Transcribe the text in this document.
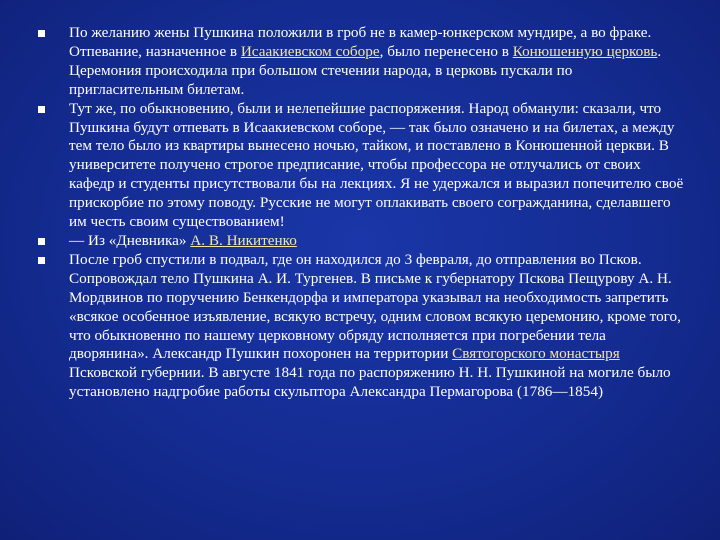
По желанию жены Пушкина положили в гроб не в камер-юнкерском мундире, а во фраке. Отпевание, назначенное в Исаакиевском соборе, было перенесено в Конюшенную церковь. Церемония происходила при большом стечении народа, в церковь пускали по пригласительным билетам.
Тут же, по обыкновению, были и нелепейшие распоряжения. Народ обманули: сказали, что Пушкина будут отпевать в Исаакиевском соборе, — так было означено и на билетах, а между тем тело было из квартиры вынесено ночью, тайком, и поставлено в Конюшенной церкви. В университете получено строгое предписание, чтобы профессора не отлучались от своих кафедр и студенты присутствовали бы на лекциях. Я не удержался и выразил попечителю своё прискорбие по этому поводу. Русские не могут оплакивать своего согражданина, сделавшего им честь своим существованием!
— Из «Дневника» А. В. Никитенко
После гроб спустили в подвал, где он находился до 3 февраля, до отправления во Псков. Сопровождал тело Пушкина А. И. Тургенев. В письме к губернатору Пскова Пещурову А. Н. Мордвинов по поручению Бенкендорфа и императора указывал на необходимость запретить «всякое особенное изъявление, всякую встречу, одним словом всякую церемонию, кроме того, что обыкновенно по нашему церковному обряду исполняется при погребении тела дворянина». Александр Пушкин похоронен на территории Святогорского монастыря Псковской губернии. В августе 1841 года по распоряжению Н. Н. Пушкиной на могиле было установлено надгробие работы скульптора Александра Пермагорова (1786—1854)
